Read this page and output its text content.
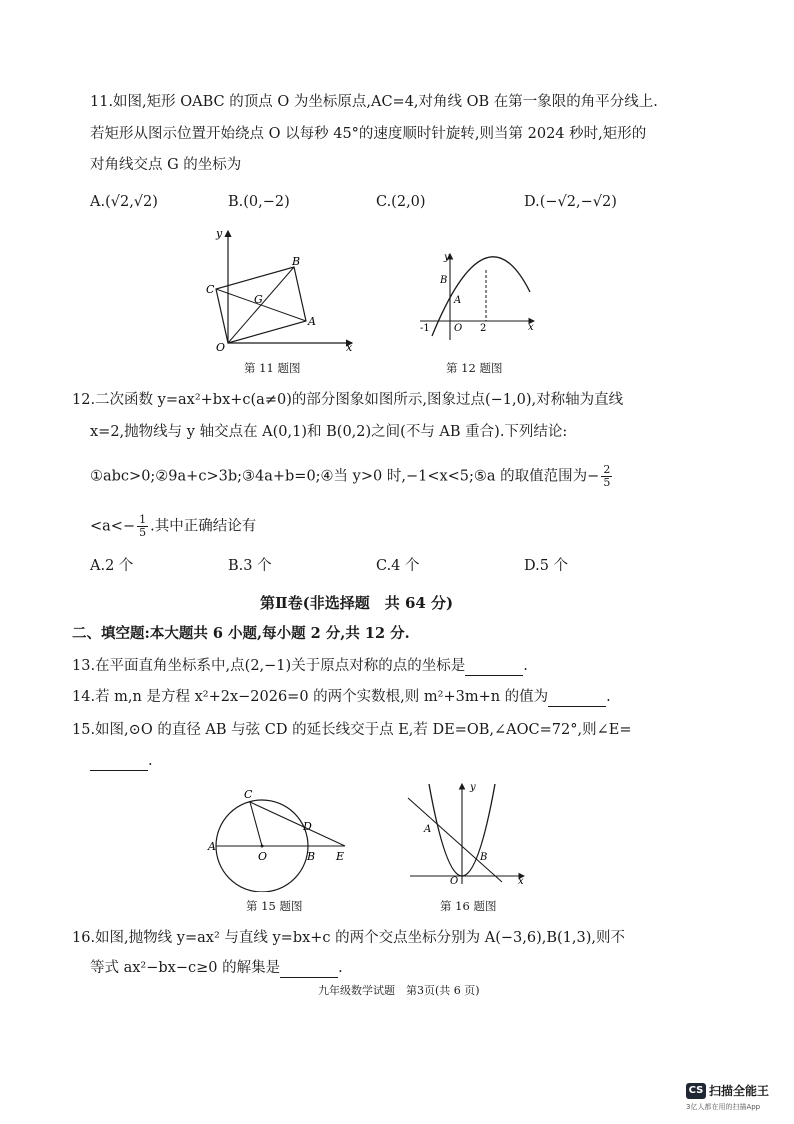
11.如图,矩形 OABC 的顶点 O 为坐标原点,AC=4,对角线 OB 在第一象限的角平分线上.
若矩形从图示位置开始绕点 O 以每秒 45°的速度顺时针旋转,则当第 2024 秒时,矩形的
对角线交点 G 的坐标为
A.(√2,√2)	B.(0,−2)	C.(2,0)	D.(−√2,−√2)
y
x
O
A
B
C
G
第 11 题图
y
x
O
A
B
-1	2
第 12 题图
12.二次函数 y=ax²+bx+c(a≠0)的部分图象如图所示,图象过点(−1,0),对称轴为直线
x=2,抛物线与 y 轴交点在 A(0,1)和 B(0,2)之间(不与 AB 重合).下列结论:
①abc>0;②9a+c>3b;③4a+b=0;④当 y>0 时,−1<x<5;⑤a 的取值范围为− $\frac{2}{5}$
$<a<- \frac{1}{5}$ .其中正确结论有
A.2 个	B.3 个	C.4 个	D.5 个
第Ⅱ卷(非选择题　共 64 分)
二、填空题:本大题共 6 小题,每小题 2 分,共 12 分.
13.在平面直角坐标系中,点(2,−1)关于原点对称的点的坐标是	.
14.若 m,n 是方程 x²+2x−2026=0 的两个实数根,则 m²+3m+n 的值为	.
15.如图,⊙O 的直径 AB 与弦 CD 的延长线交于点 E,若 DE=OB,∠AOC=72°,则∠E=
.
A
O	B
C
D
E
第 15 题图
y
x
O
A
B
第 16 题图
16.如图,抛物线 y=ax² 与直线 y=bx+c 的两个交点坐标分别为 A(−3,6),B(1,3),则不
等式 ax²−bx−c≥0 的解集是	.
九年级数学试题　第3页(共 6 页)
CS 扫描全能王
3亿人都在用的扫描App
